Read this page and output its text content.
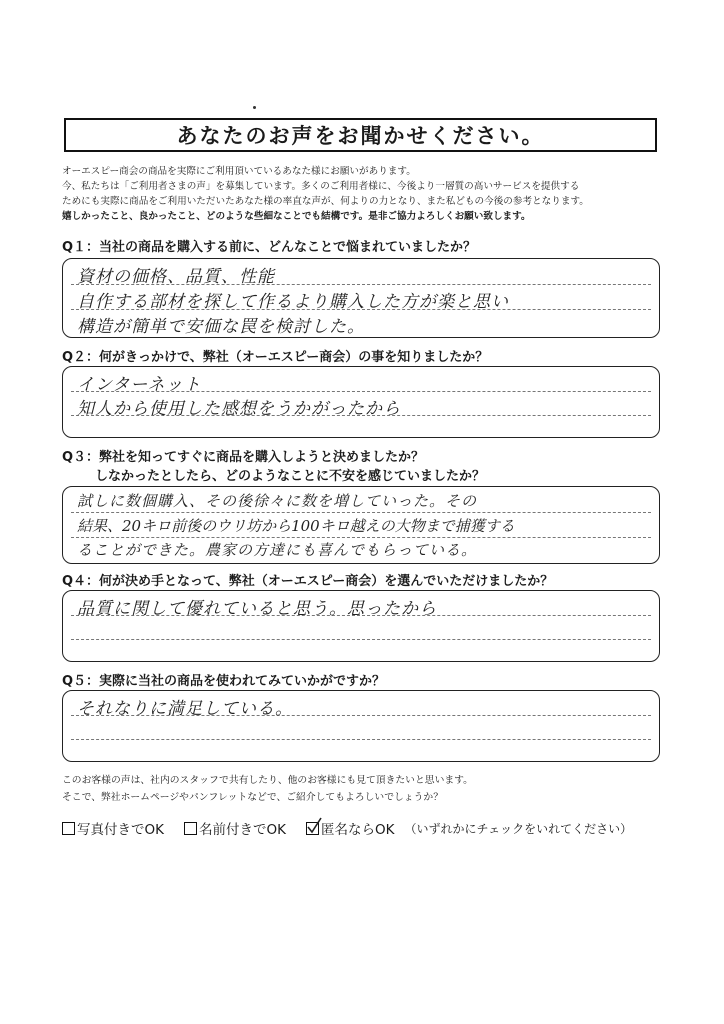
あなたのお声をお聞かせください。
オーエスピー商会の商品を実際にご利用頂いているあなた様にお願いがあります。
今、私たちは「ご利用者さまの声」を募集しています。多くのご利用者様に、今後より一層質の高いサービスを提供する
ためにも実際に商品をご利用いただいたあなた様の率直な声が、何よりの力となり、また私どもの今後の参考となります。
嬉しかったこと、良かったこと、どのような些細なことでも結構です。是非ご協力よろしくお願い致します。
Q１：当社の商品を購入する前に、どんなことで悩まれていましたか？
資材の価格、品質、性能
自作する部材を探して作るより購入した方が楽と思い
構造が簡単で安価な罠を検討した。
Q２：何がきっかけで、弊社（オーエスピー商会）の事を知りましたか？
インターネット
知人から使用した感想をうかがったから
Q３：弊社を知ってすぐに商品を購入しようと決めましたか？
しなかったとしたら、どのようなことに不安を感じていましたか？
試しに数個購入、その後徐々に数を増していった。その
結果、20キロ前後のウリ坊から100キロ越えの大物まで捕獲する
ることができた。農家の方達にも喜んでもらっている。
Q４：何が決め手となって、弊社（オーエスピー商会）を選んでいただけましたか？
品質に関して優れていると思う。思ったから
Q５：実際に当社の商品を使われてみていかがですか？
それなりに満足している。
このお客様の声は、社内のスタッフで共有したり、他のお客様にも見て頂きたいと思います。
そこで、弊社ホームページやパンフレットなどで、ご紹介してもよろしいでしょうか？
写真付きでOK	名前付きでOK	匿名ならOK （いずれかにチェックをいれてください）
